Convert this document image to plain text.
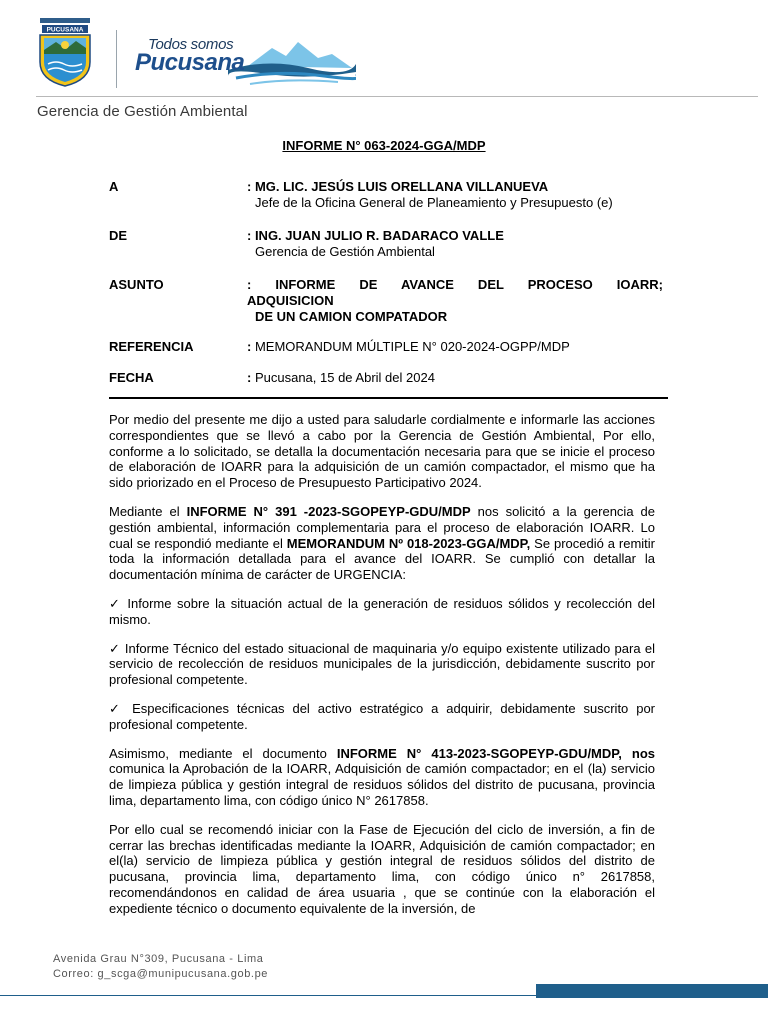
PUCUSANA
Todos somos
Pucusana
Gerencia de Gestión Ambiental
INFORME N° 063-2024-GGA/MDP
A	: MG. LIC. JESÚS LUIS ORELLANA VILLANUEVA
Jefe de la Oficina General de Planeamiento y Presupuesto (e)
DE	: ING. JUAN JULIO R. BADARACO VALLE
Gerencia de Gestión Ambiental
ASUNTO	: INFORME DE AVANCE DEL PROCESO IOARR;
ADQUISICION
DE UN CAMION COMPATADOR
REFERENCIA	: MEMORANDUM MÚLTIPLE N° 020-2024-OGPP/MDP
FECHA	: Pucusana, 15 de Abril del 2024

Por medio del presente me dijo a usted para saludarle cordialmente e informarle las acciones correspondientes que se llevó a cabo por la Gerencia de Gestión Ambiental, Por ello, conforme a lo solicitado, se detalla la documentación necesaria para que se inicie el proceso de elaboración de IOARR para la adquisición de un camión compactador, el mismo que ha sido priorizado en el Proceso de Presupuesto Participativo 2024.

Mediante el INFORME N° 391 -2023-SGOPEYP-GDU/MDP nos solicitó a la gerencia de gestión ambiental, información complementaria para el proceso de elaboración IOARR. Lo cual se respondió mediante el MEMORANDUM Nº 018-2023-GGA/MDP, Se procedió a remitir toda la información detallada para el avance del IOARR. Se cumplió con detallar la documentación mínima de carácter de URGENCIA:

✓ Informe sobre la situación actual de la generación de residuos sólidos y recolección del mismo.

✓ Informe Técnico del estado situacional de maquinaria y/o equipo existente utilizado para el servicio de recolección de residuos municipales de la jurisdicción, debidamente suscrito por profesional competente.

✓ Especificaciones técnicas del activo estratégico a adquirir, debidamente suscrito por profesional competente.

Asimismo, mediante el documento INFORME N° 413-2023-SGOPEYP-GDU/MDP, nos comunica la Aprobación de la IOARR, Adquisición de camión compactador; en el (la) servicio de limpieza pública y gestión integral de residuos sólidos del distrito de pucusana, provincia lima, departamento lima, con código único N° 2617858.

Por ello cual se recomendó iniciar con la Fase de Ejecución del ciclo de inversión, a fin de cerrar las brechas identificadas mediante la IOARR, Adquisición de camión compactador; en el(la) servicio de limpieza pública y gestión integral de residuos sólidos del distrito de pucusana, provincia lima, departamento lima, con código único n° 2617858, recomendándonos en calidad de área usuaria , que se continúe con la elaboración el expediente técnico o documento equivalente de la inversión, de

Avenida Grau N°309, Pucusana - Lima
Correo: g_scga@munipucusana.gob.pe
